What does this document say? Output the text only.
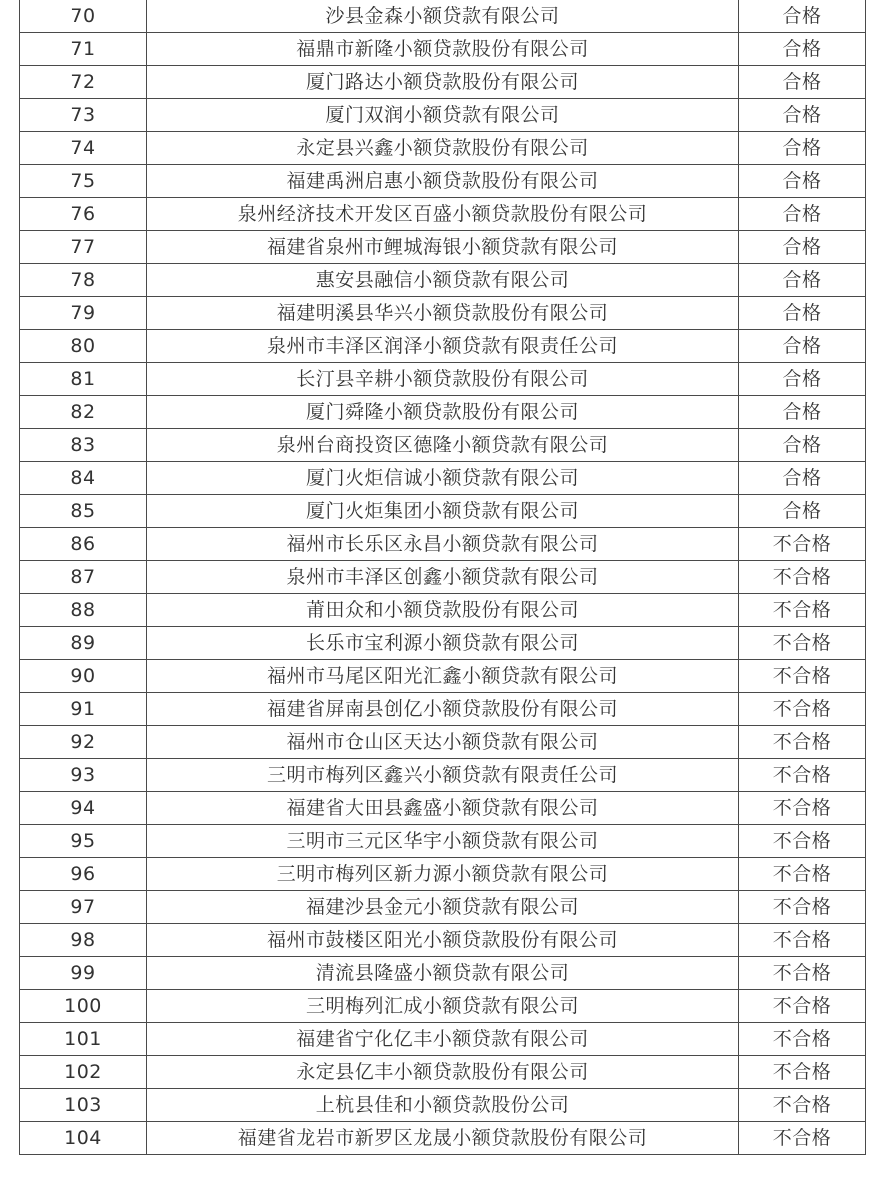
70	沙县金森小额贷款有限公司	合格
71	福鼎市新隆小额贷款股份有限公司	合格
72	厦门路达小额贷款股份有限公司	合格
73	厦门双润小额贷款有限公司	合格
74	永定县兴鑫小额贷款股份有限公司	合格
75	福建禹洲启惠小额贷款股份有限公司	合格
76	泉州经济技术开发区百盛小额贷款股份有限公司	合格
77	福建省泉州市鲤城海银小额贷款有限公司	合格
78	惠安县融信小额贷款有限公司	合格
79	福建明溪县华兴小额贷款股份有限公司	合格
80	泉州市丰泽区润泽小额贷款有限责任公司	合格
81	长汀县辛耕小额贷款股份有限公司	合格
82	厦门舜隆小额贷款股份有限公司	合格
83	泉州台商投资区德隆小额贷款有限公司	合格
84	厦门火炬信诚小额贷款有限公司	合格
85	厦门火炬集团小额贷款有限公司	合格
86	福州市长乐区永昌小额贷款有限公司	不合格
87	泉州市丰泽区创鑫小额贷款有限公司	不合格
88	莆田众和小额贷款股份有限公司	不合格
89	长乐市宝利源小额贷款有限公司	不合格
90	福州市马尾区阳光汇鑫小额贷款有限公司	不合格
91	福建省屏南县创亿小额贷款股份有限公司	不合格
92	福州市仓山区天达小额贷款有限公司	不合格
93	三明市梅列区鑫兴小额贷款有限责任公司	不合格
94	福建省大田县鑫盛小额贷款有限公司	不合格
95	三明市三元区华宇小额贷款有限公司	不合格
96	三明市梅列区新力源小额贷款有限公司	不合格
97	福建沙县金元小额贷款有限公司	不合格
98	福州市鼓楼区阳光小额贷款股份有限公司	不合格
99	清流县隆盛小额贷款有限公司	不合格
100	三明梅列汇成小额贷款有限公司	不合格
101	福建省宁化亿丰小额贷款有限公司	不合格
102	永定县亿丰小额贷款股份有限公司	不合格
103	上杭县佳和小额贷款股份公司	不合格
104	福建省龙岩市新罗区龙晟小额贷款股份有限公司	不合格
